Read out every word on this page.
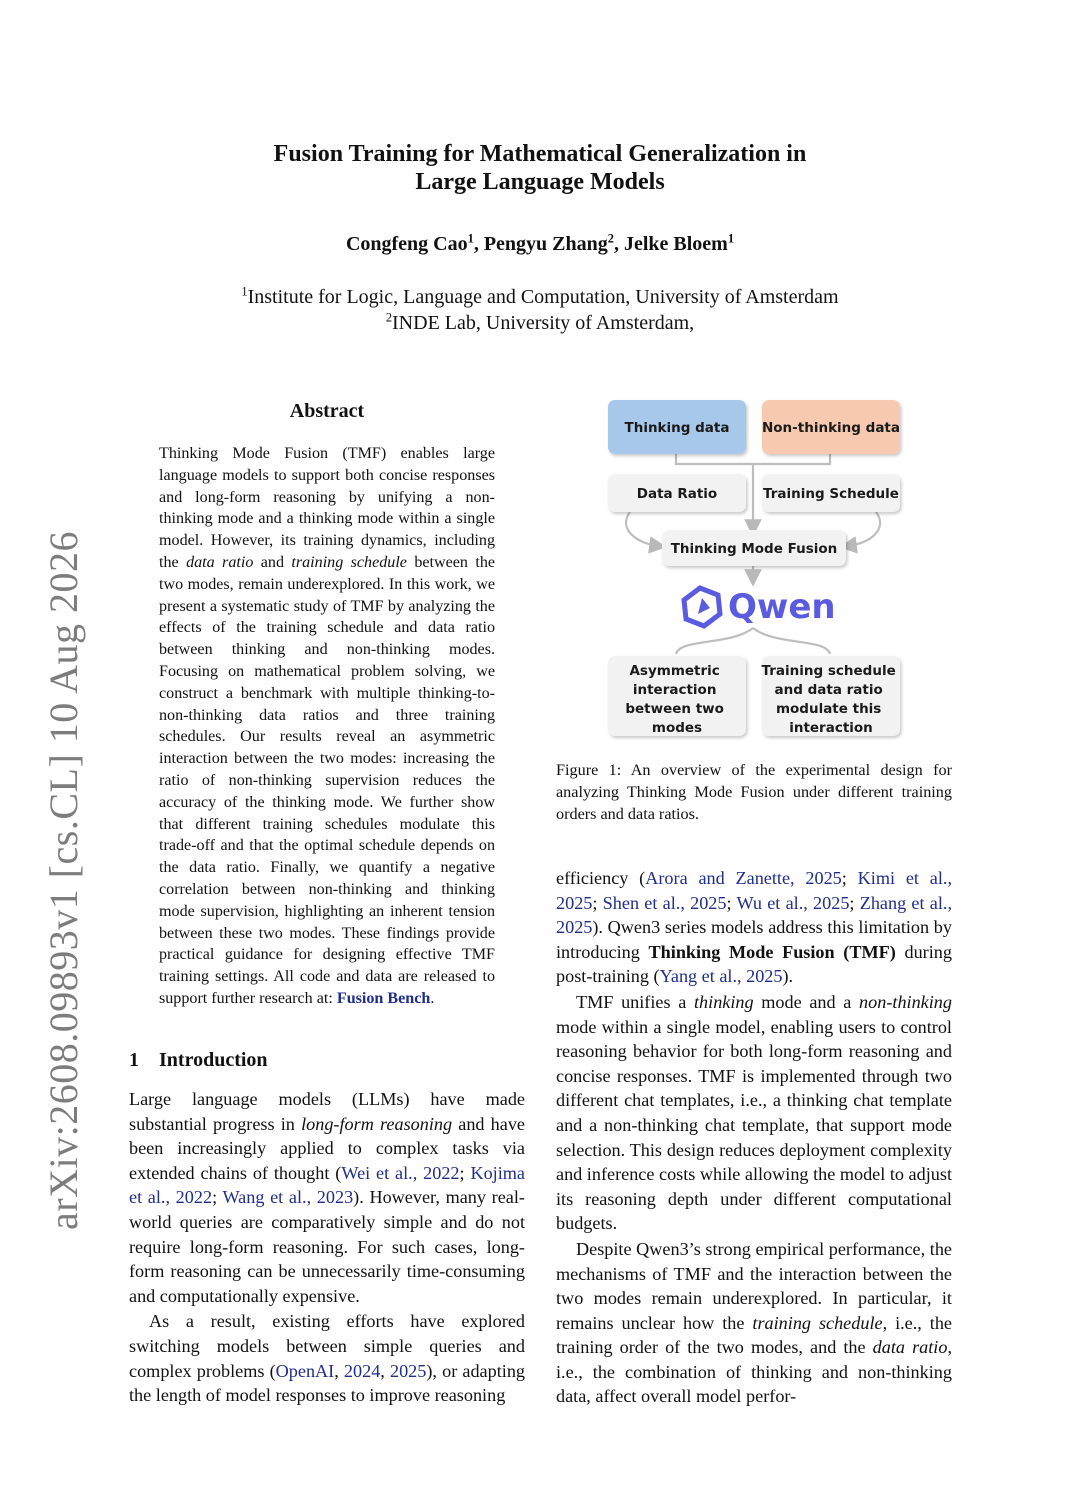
arXiv:2608.09893v1 [cs.CL] 10 Aug 2026
Fusion Training for Mathematical Generalization in
Large Language Models
Congfeng Cao$^1$, Pengyu Zhang$^2$, Jelke Bloem$^1$
$^1$Institute for Logic, Language and Computation, University of Amsterdam
$^2$INDE Lab, University of Amsterdam,
Abstract
Thinking Mode Fusion (TMF) enables large language models to support both concise responses and long-form reasoning by unifying a non-thinking mode and a thinking mode within a single model. However, its training dynamics, including the data ratio and training schedule between the two modes, remain underexplored. In this work, we present a systematic study of TMF by analyzing the effects of the training schedule and data ratio between thinking and non-thinking modes. Focusing on mathematical problem solving, we construct a benchmark with multiple thinking-to-non-thinking data ratios and three training schedules. Our results reveal an asymmetric interaction between the two modes: increasing the ratio of non-thinking supervision reduces the accuracy of the thinking mode. We further show that different training schedules modulate this trade-off and that the optimal schedule depends on the data ratio. Finally, we quantify a negative correlation between non-thinking and thinking mode supervision, highlighting an inherent tension between these two modes. These findings provide practical guidance for designing effective TMF training settings. All code and data are released to support further research at: Fusion Bench.
1 Introduction

Large language models (LLMs) have made substantial progress in long-form reasoning and have been increasingly applied to complex tasks via extended chains of thought (Wei et al., 2022; Kojima et al., 2022; Wang et al., 2023). However, many real-world queries are comparatively simple and do not require long-form reasoning. For such cases, long-form reasoning can be unnecessarily time-consuming and computationally expensive.

As a result, existing efforts have explored switching models between simple queries and complex problems (OpenAI, 2024, 2025), or adapting the length of model responses to improve reasoning

Thinking data Non-thinking data
Data Ratio	Training Schedule
Thinking Mode Fusion
Qwen
Asymmetric interaction between two modes
Training schedule and data ratio modulate this interaction
Figure 1: An overview of the experimental design for analyzing Thinking Mode Fusion under different training orders and data ratios.

efficiency (Arora and Zanette, 2025; Kimi et al., 2025; Shen et al., 2025; Wu et al., 2025; Zhang et al., 2025). Qwen3 series models address this limitation by introducing Thinking Mode Fusion (TMF) during post-training (Yang et al., 2025).

TMF unifies a thinking mode and a non-thinking mode within a single model, enabling users to control reasoning behavior for both long-form reasoning and concise responses. TMF is implemented through two different chat templates, i.e., a thinking chat template and a non-thinking chat template, that support mode selection. This design reduces deployment complexity and inference costs while allowing the model to adjust its reasoning depth under different computational budgets.

Despite Qwen3’s strong empirical performance, the mechanisms of TMF and the interaction between the two modes remain underexplored. In particular, it remains unclear how the training schedule, i.e., the training order of the two modes, and the data ratio, i.e., the combination of thinking and non-thinking data, affect overall model perfor-
